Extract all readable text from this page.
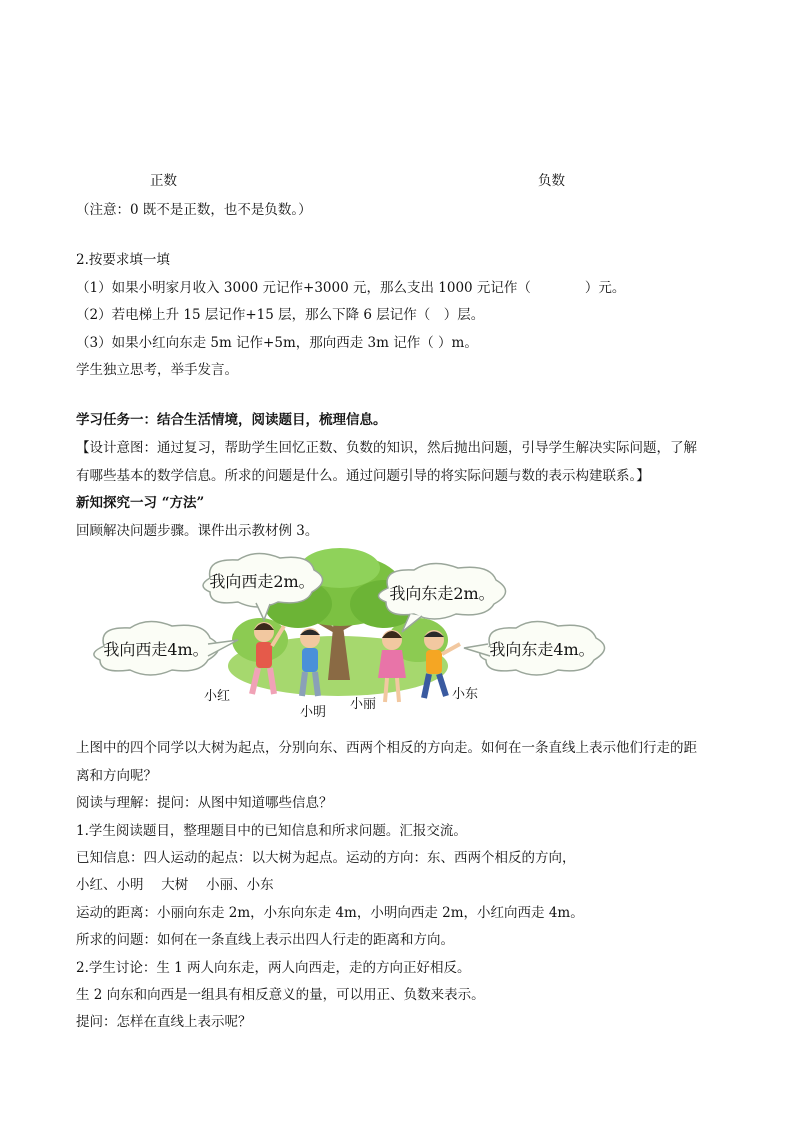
正数	负数
（注意：0 既不是正数，也不是负数。）
2.按要求填一填
（1）如果小明家月收入 3000 元记作+3000 元，那么支出 1000 元记作（　　　　）元。
（2）若电梯上升 15 层记作+15 层，那么下降 6 层记作（　）层。
（3）如果小红向东走 5m 记作+5m，那向西走 3m 记作（ ）m。
学生独立思考，举手发言。
学习任务一：结合生活情境，阅读题目，梳理信息。
【设计意图：通过复习，帮助学生回忆正数、负数的知识，然后抛出问题，引导学生解决实际问题，了解
有哪些基本的数学信息。所求的问题是什么。通过问题引导的将实际问题与数的表示构建联系。】
新知探究一习 “方法”
回顾解决问题步骤。课件出示教材例 3。
我向西走2m。
我向东走2m。
我向西走4m。	我向东走4m。
小红
小明
小丽
小东
上图中的四个同学以大树为起点，分别向东、西两个相反的方向走。如何在一条直线上表示他们行走的距
离和方向呢？
阅读与理解：提问：从图中知道哪些信息？
1.学生阅读题目，整理题目中的已知信息和所求问题。汇报交流。
已知信息：四人运动的起点：以大树为起点。运动的方向：东、西两个相反的方向，
小红、小明　 大树　 小丽、小东
运动的距离：小丽向东走 2m，小东向东走 4m，小明向西走 2m，小红向西走 4m。
所求的问题：如何在一条直线上表示出四人行走的距离和方向。
2.学生讨论：生 1 两人向东走，两人向西走，走的方向正好相反。
生 2 向东和向西是一组具有相反意义的量，可以用正、负数来表示。
提问：怎样在直线上表示呢？
